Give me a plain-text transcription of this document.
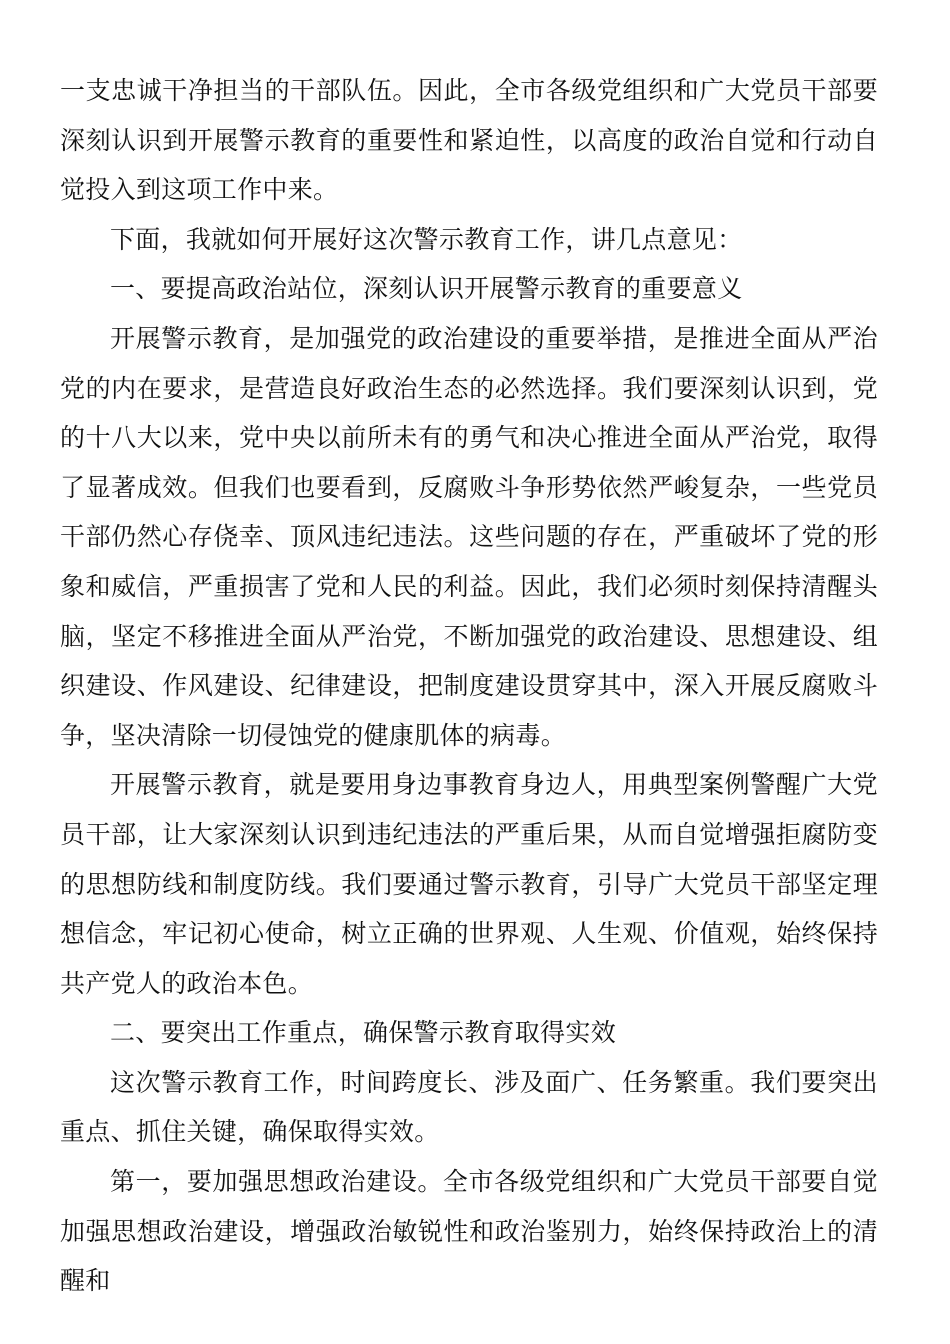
一支忠诚干净担当的干部队伍。因此，全市各级党组织和广大党员干部要深刻认识到开展警示教育的重要性和紧迫性，以高度的政治自觉和行动自觉投入到这项工作中来。

下面，我就如何开展好这次警示教育工作，讲几点意见：

一、要提高政治站位，深刻认识开展警示教育的重要意义

开展警示教育，是加强党的政治建设的重要举措，是推进全面从严治党的内在要求，是营造良好政治生态的必然选择。我们要深刻认识到，党的十八大以来，党中央以前所未有的勇气和决心推进全面从严治党，取得了显著成效。但我们也要看到，反腐败斗争形势依然严峻复杂，一些党员干部仍然心存侥幸、顶风违纪违法。这些问题的存在，严重破坏了党的形象和威信，严重损害了党和人民的利益。因此，我们必须时刻保持清醒头脑，坚定不移推进全面从严治党，不断加强党的政治建设、思想建设、组织建设、作风建设、纪律建设，把制度建设贯穿其中，深入开展反腐败斗争，坚决清除一切侵蚀党的健康肌体的病毒。

开展警示教育，就是要用身边事教育身边人，用典型案例警醒广大党员干部，让大家深刻认识到违纪违法的严重后果，从而自觉增强拒腐防变的思想防线和制度防线。我们要通过警示教育，引导广大党员干部坚定理想信念，牢记初心使命，树立正确的世界观、人生观、价值观，始终保持共产党人的政治本色。

二、要突出工作重点，确保警示教育取得实效

这次警示教育工作，时间跨度长、涉及面广、任务繁重。我们要突出重点、抓住关键，确保取得实效。

第一，要加强思想政治建设。全市各级党组织和广大党员干部要自觉加强思想政治建设，增强政治敏锐性和政治鉴别力，始终保持政治上的清醒和
